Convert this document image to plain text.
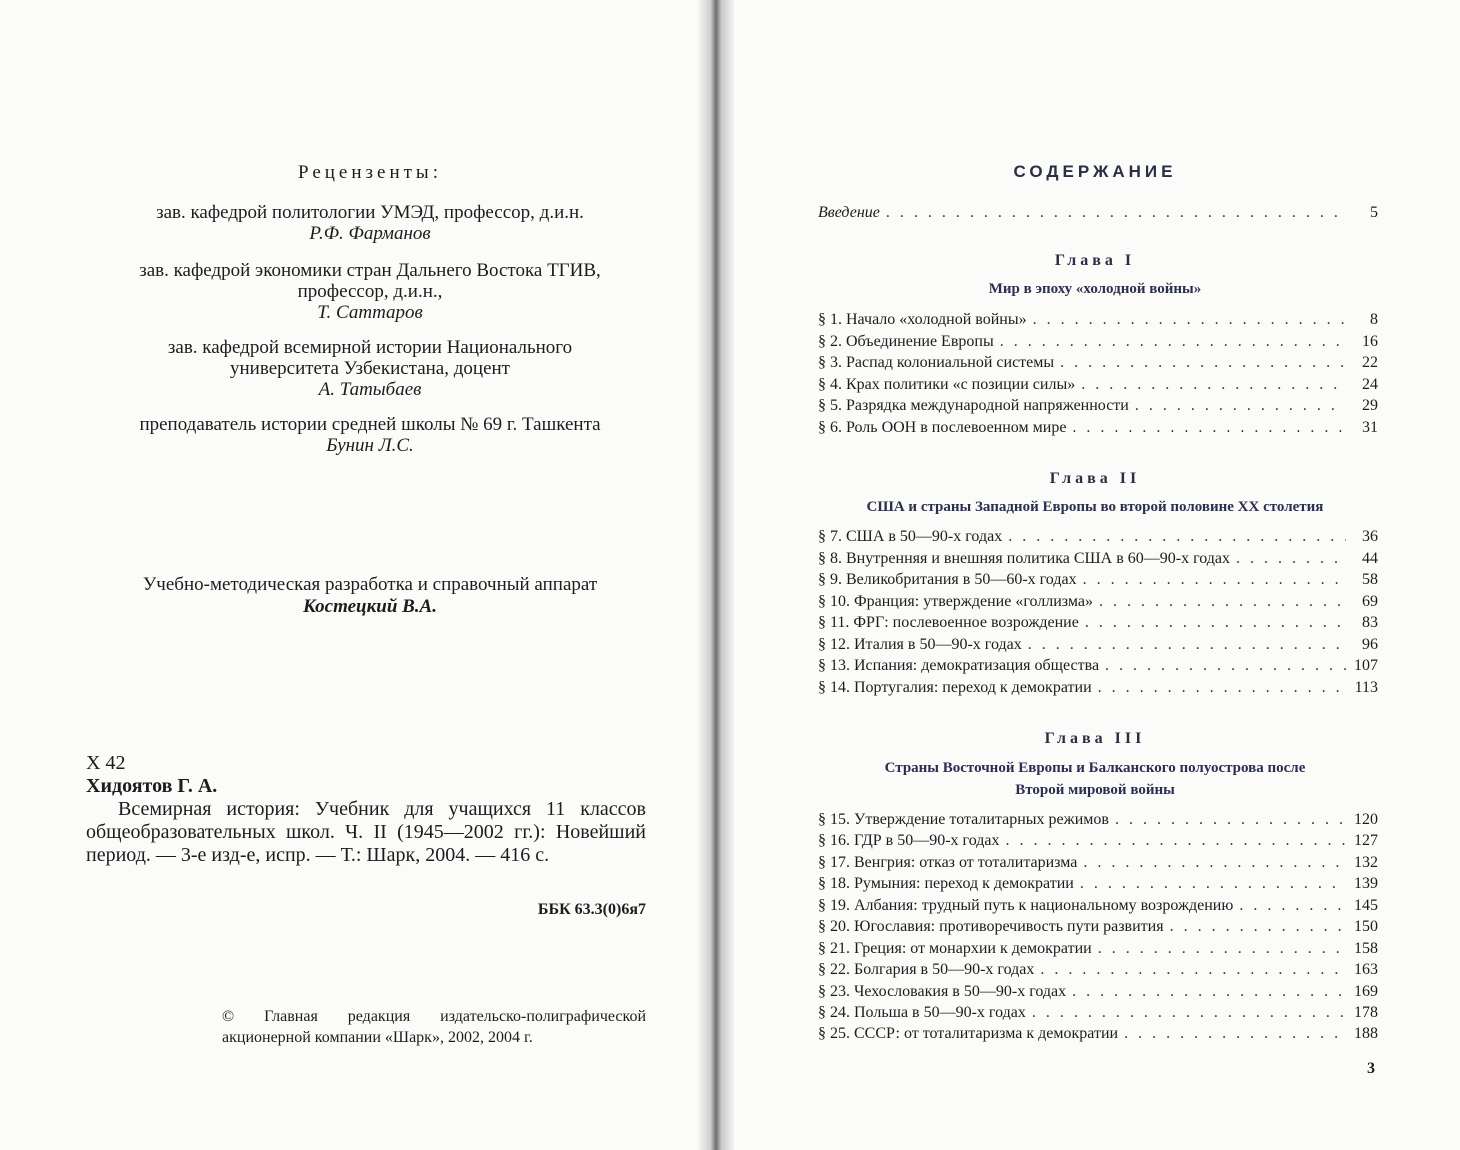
Рецензенты:
зав. кафедрой политологии УМЭД, профессор, д.и.н.
Р.Ф. Фарманов
зав. кафедрой экономики стран Дальнего Востока ТГИВ,
профессор, д.и.н.,
Т. Саттаров
зав. кафедрой всемирной истории Национального
университета Узбекистана, доцент
А. Татыбаев
преподаватель истории средней школы № 69 г. Ташкента
Бунин Л.С.
Учебно-методическая разработка и справочный аппарат
Костецкий В.А.
Х 42
Хидоятов Г. А.
Всемирная история: Учебник для учащихся 11 классов общеобразовательных школ. Ч. II (1945—2002 гг.): Новейший период. — 3-е изд-е, испр. — Т.: Шарк, 2004. — 416 с.
ББК 63.3(0)6я7
© Главная редакция издательско-полиграфической акционерной компании «Шарк», 2002, 2004 г.
СОДЕРЖАНИЕ
Введение . . .	5
Глава I
Мир в эпоху «холодной войны»
§ 1. Начало «холодной войны» . . .	8
§ 2. Объединение Европы . . .	16
§ 3. Распад колониальной системы . . .	22
§ 4. Крах политики «с позиции силы» . . .	24
§ 5. Разрядка международной напряженности . . .	29
§ 6. Роль ООН в послевоенном мире . . .	31
Глава II
США и страны Западной Европы во второй половине XX столетия
§ 7. США в 50—90-х годах . . .	36
§ 8. Внутренняя и внешняя политика США в 60—90-х годах . . .	44
§ 9. Великобритания в 50—60-х годах . . .	58
§ 10. Франция: утверждение «голлизма» . . .	69
§ 11. ФРГ: послевоенное возрождение . . .	83
§ 12. Италия в 50—90-х годах . . .	96
§ 13. Испания: демократизация общества . . .	107
§ 14. Португалия: переход к демократии . . .	113
Глава III
Страны Восточной Европы и Балканского полуострова после
Второй мировой войны
§ 15. Утверждение тоталитарных режимов . . .	120
§ 16. ГДР в 50—90-х годах . . .	127
§ 17. Венгрия: отказ от тоталитаризма . . .	132
§ 18. Румыния: переход к демократии . . .	139
§ 19. Албания: трудный путь к национальному возрождению . . .	145
§ 20. Югославия: противоречивость пути развития . . .	150
§ 21. Греция: от монархии к демократии . . .	158
§ 22. Болгария в 50—90-х годах . . .	163
§ 23. Чехословакия в 50—90-х годах . . .	169
§ 24. Польша в 50—90-х годах . . .	178
§ 25. СССР: от тоталитаризма к демократии . . .	188
3
